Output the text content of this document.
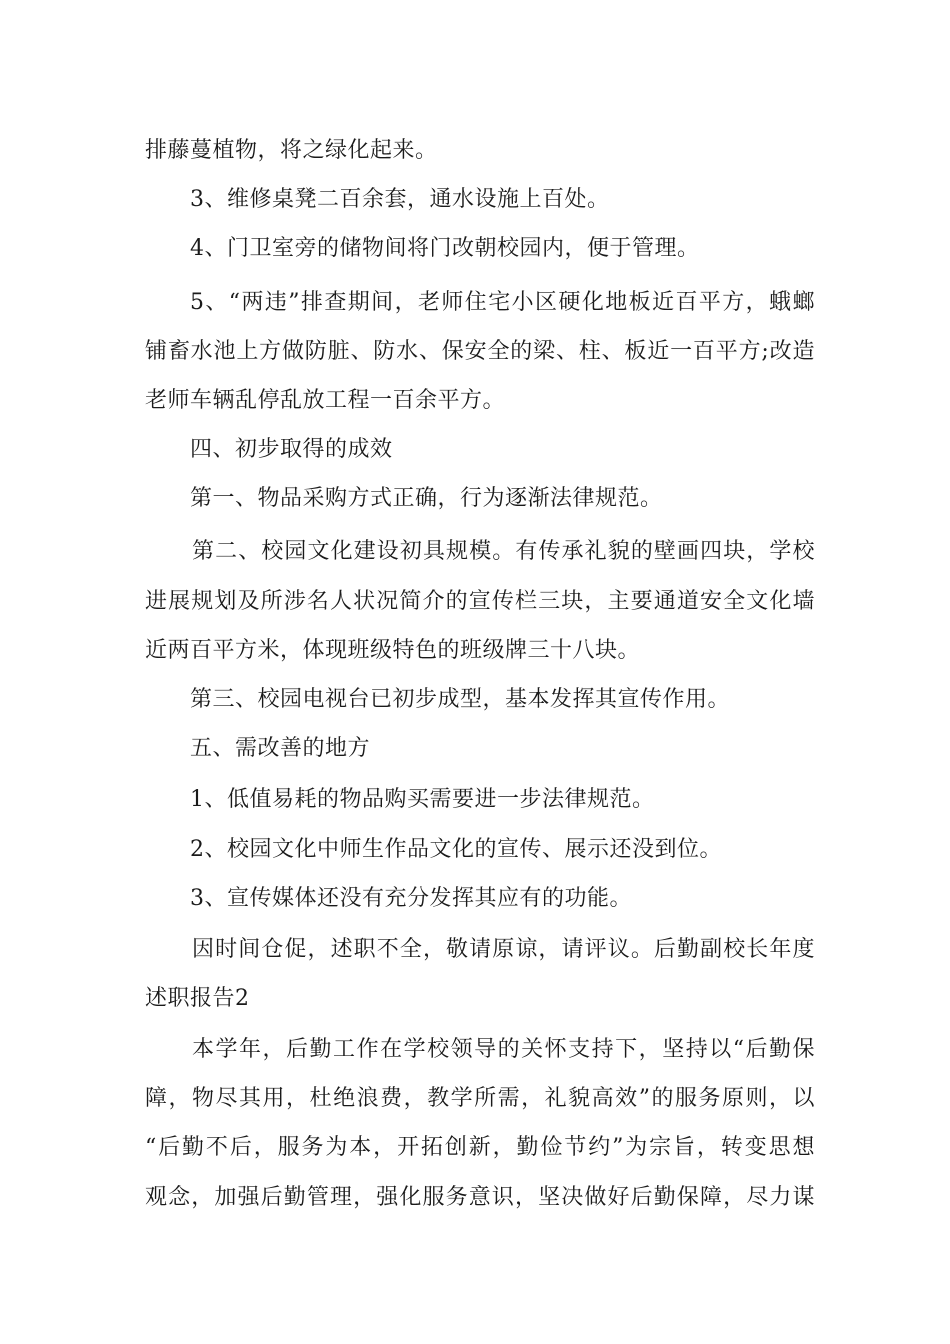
排藤蔓植物，将之绿化起来。
3、维修桌凳二百余套，通水设施上百处。
4、门卫室旁的储物间将门改朝校园内，便于管理。
5、“两违”排查期间，老师住宅小区硬化地板近百平方，蛾螂
铺畜水池上方做防脏、防水、保安全的梁、柱、板近一百平方;改造
老师车辆乱停乱放工程一百余平方。
四、初步取得的成效
第一、物品采购方式正确，行为逐渐法律规范。
第二、校园文化建设初具规模。有传承礼貌的壁画四块，学校
进展规划及所涉名人状况简介的宣传栏三块，主要通道安全文化墙
近两百平方米，体现班级特色的班级牌三十八块。
第三、校园电视台已初步成型，基本发挥其宣传作用。
五、需改善的地方
1、低值易耗的物品购买需要进一步法律规范。
2、校园文化中师生作品文化的宣传、展示还没到位。
3、宣传媒体还没有充分发挥其应有的功能。
因时间仓促，述职不全，敬请原谅，请评议。后勤副校长年度
述职报告2
本学年，后勤工作在学校领导的关怀支持下，坚持以“后勤保
障，物尽其用，杜绝浪费，教学所需，礼貌高效”的服务原则，以
“后勤不后，服务为本，开拓创新，勤俭节约”为宗旨，转变思想
观念，加强后勤管理，强化服务意识，坚决做好后勤保障，尽力谋
